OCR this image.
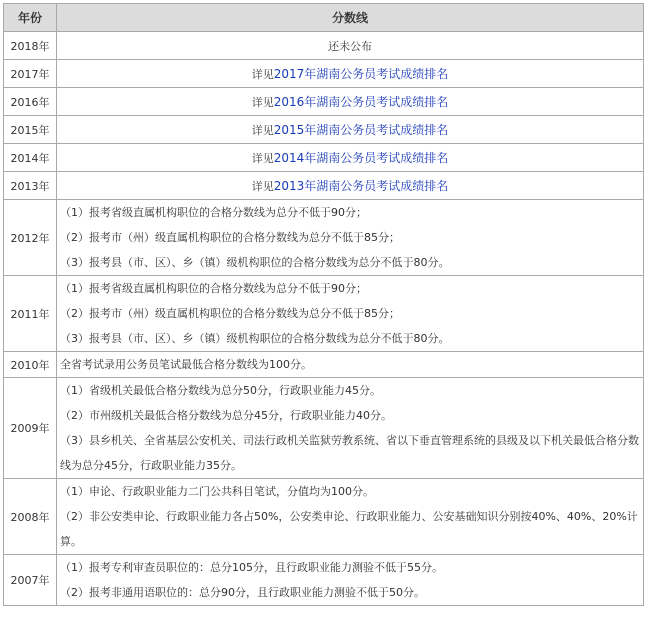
年份	分数线
2018年	还未公布
2017年	详见2017年湖南公务员考试成绩排名
2016年	详见2016年湖南公务员考试成绩排名
2015年	详见2015年湖南公务员考试成绩排名
2014年	详见2014年湖南公务员考试成绩排名
2013年	详见2013年湖南公务员考试成绩排名
2012年	（1）报考省级直属机构职位的合格分数线为总分不低于90分；
（2）报考市（州）级直属机构职位的合格分数线为总分不低于85分；
（3）报考县（市、区）、乡（镇）级机构职位的合格分数线为总分不低于80分。

2011年	（1）报考省级直属机构职位的合格分数线为总分不低于90分；
（2）报考市（州）级直属机构职位的合格分数线为总分不低于85分；
（3）报考县（市、区）、乡（镇）级机构职位的合格分数线为总分不低于80分。

2010年	全省考试录用公务员笔试最低合格分数线为100分。

2009年	（1）省级机关最低合格分数线为总分50分，行政职业能力45分。
（2）市州级机关最低合格分数线为总分45分，行政职业能力40分。
（3）县乡机关、全省基层公安机关、司法行政机关监狱劳教系统、省以下垂直管理系统的县级及以下机关最低合格分数线为总分45分，行政职业能力35分。

2008年	（1）申论、行政职业能力二门公共科目笔试，分值均为100分。
（2）非公安类申论、行政职业能力各占50%，公安类申论、行政职业能力、公安基础知识分别按40%、40%、20%计算。

2007年	（1）报考专利审查员职位的：总分105分，且行政职业能力测验不低于55分。
（2）报考非通用语职位的：总分90分，且行政职业能力测验不低于50分。
